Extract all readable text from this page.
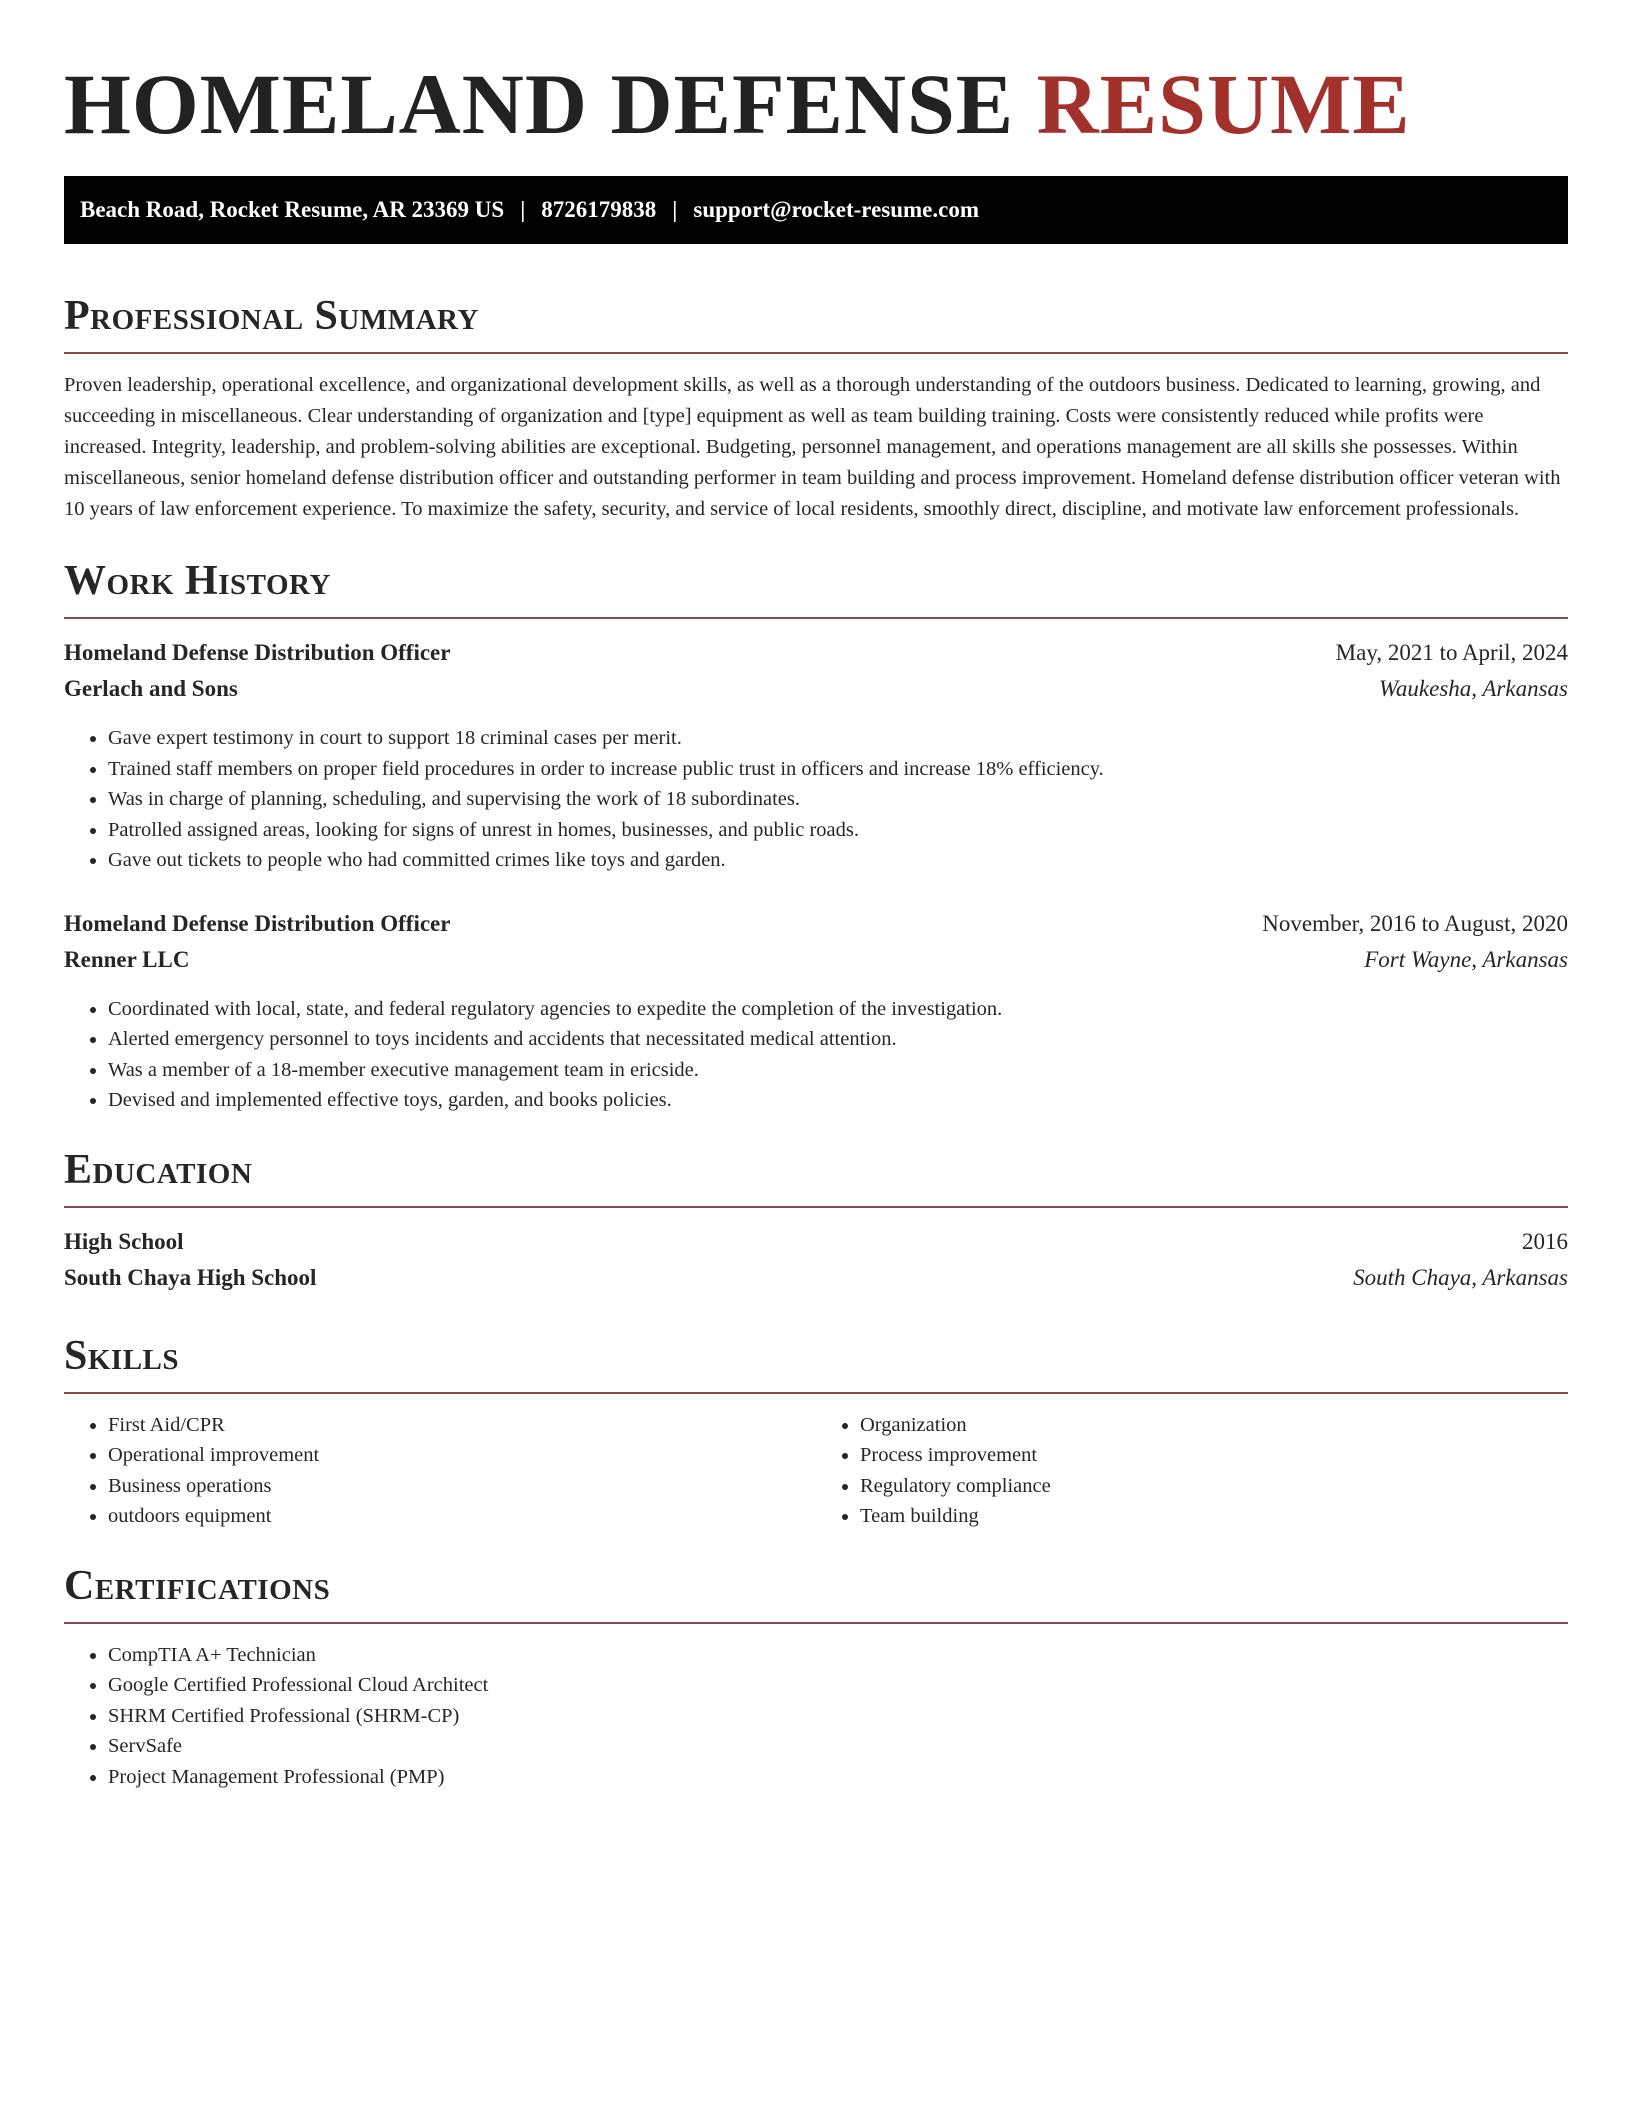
HOMELAND DEFENSE RESUME
Beach Road, Rocket Resume, AR 23369 US | 8726179838 | support@rocket-resume.com
Professional Summary

Proven leadership, operational excellence, and organizational development skills, as well as a thorough understanding of the outdoors business. Dedicated to learning, growing, and succeeding in miscellaneous. Clear understanding of organization and [type] equipment as well as team building training. Costs were consistently reduced while profits were increased. Integrity, leadership, and problem-solving abilities are exceptional. Budgeting, personnel management, and operations management are all skills she possesses. Within miscellaneous, senior homeland defense distribution officer and outstanding performer in team building and process improvement. Homeland defense distribution officer veteran with 10 years of law enforcement experience. To maximize the safety, security, and service of local residents, smoothly direct, discipline, and motivate law enforcement professionals.

Work History
Homeland Defense Distribution Officer	May, 2021 to April, 2024
Gerlach and Sons	Waukesha, Arkansas
• Gave expert testimony in court to support 18 criminal cases per merit.
• Trained staff members on proper field procedures in order to increase public trust in officers and increase 18% efficiency.
• Was in charge of planning, scheduling, and supervising the work of 18 subordinates.
• Patrolled assigned areas, looking for signs of unrest in homes, businesses, and public roads.
• Gave out tickets to people who had committed crimes like toys and garden.
Homeland Defense Distribution Officer	November, 2016 to August, 2020
Renner LLC	Fort Wayne, Arkansas
• Coordinated with local, state, and federal regulatory agencies to expedite the completion of the investigation.
• Alerted emergency personnel to toys incidents and accidents that necessitated medical attention.
• Was a member of a 18-member executive management team in ericside.
• Devised and implemented effective toys, garden, and books policies.
Education
High School	2016
South Chaya High School	South Chaya, Arkansas
Skills
• First Aid/CPR
• Operational improvement
• Business operations
• outdoors equipment
• Organization
• Process improvement
• Regulatory compliance
• Team building
Certifications
• CompTIA A+ Technician
• Google Certified Professional Cloud Architect
• SHRM Certified Professional (SHRM-CP)
• ServSafe
• Project Management Professional (PMP)
